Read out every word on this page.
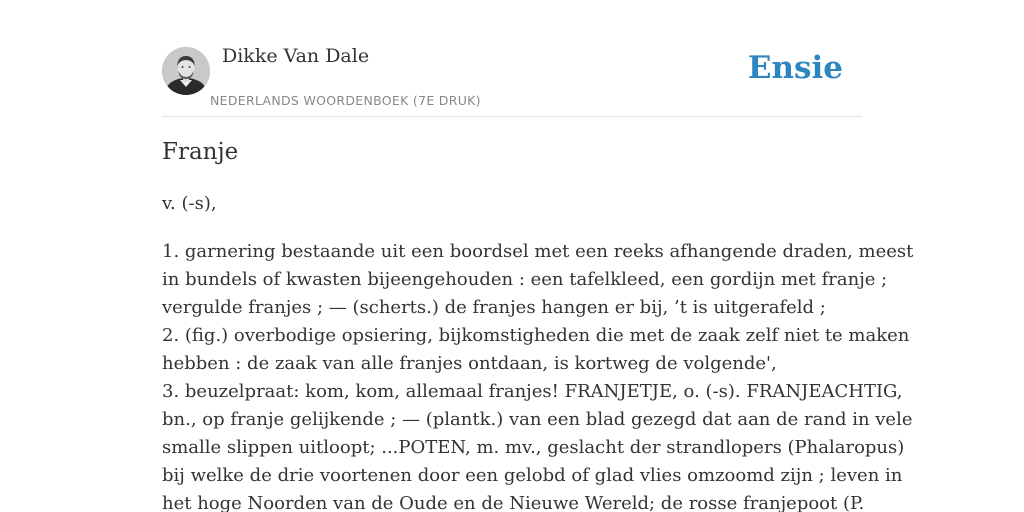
Dikke Van Dale
NEDERLANDS WOORDENBOEK (7E DRUK)
Ensie
Franje

v. (-s),

1. garnering bestaande uit een boordsel met een reeks afhangende draden, meest
in bundels of kwasten bijeengehouden : een tafelkleed, een gordijn met franje ;
vergulde franjes ; — (scherts.) de franjes hangen er bij, ’t is uitgerafeld ;
2. (fig.) overbodige opsiering, bijkomstigheden die met de zaak zelf niet te maken
hebben : de zaak van alle franjes ontdaan, is kortweg de volgende',
3. beuzelpraat: kom, kom, allemaal franjes! FRANJETJE, o. (-s). FRANJEACHTIG,
bn., op franje gelijkende ; — (plantk.) van een blad gezegd dat aan de rand in vele
smalle slippen uitloopt; ...POTEN, m. mv., geslacht der strandlopers (Phalaropus)
bij welke de drie voortenen door een gelobd of glad vlies omzoomd zijn ; leven in
het hoge Noorden van de Oude en de Nieuwe Wereld; de rosse franjepoot (P.
